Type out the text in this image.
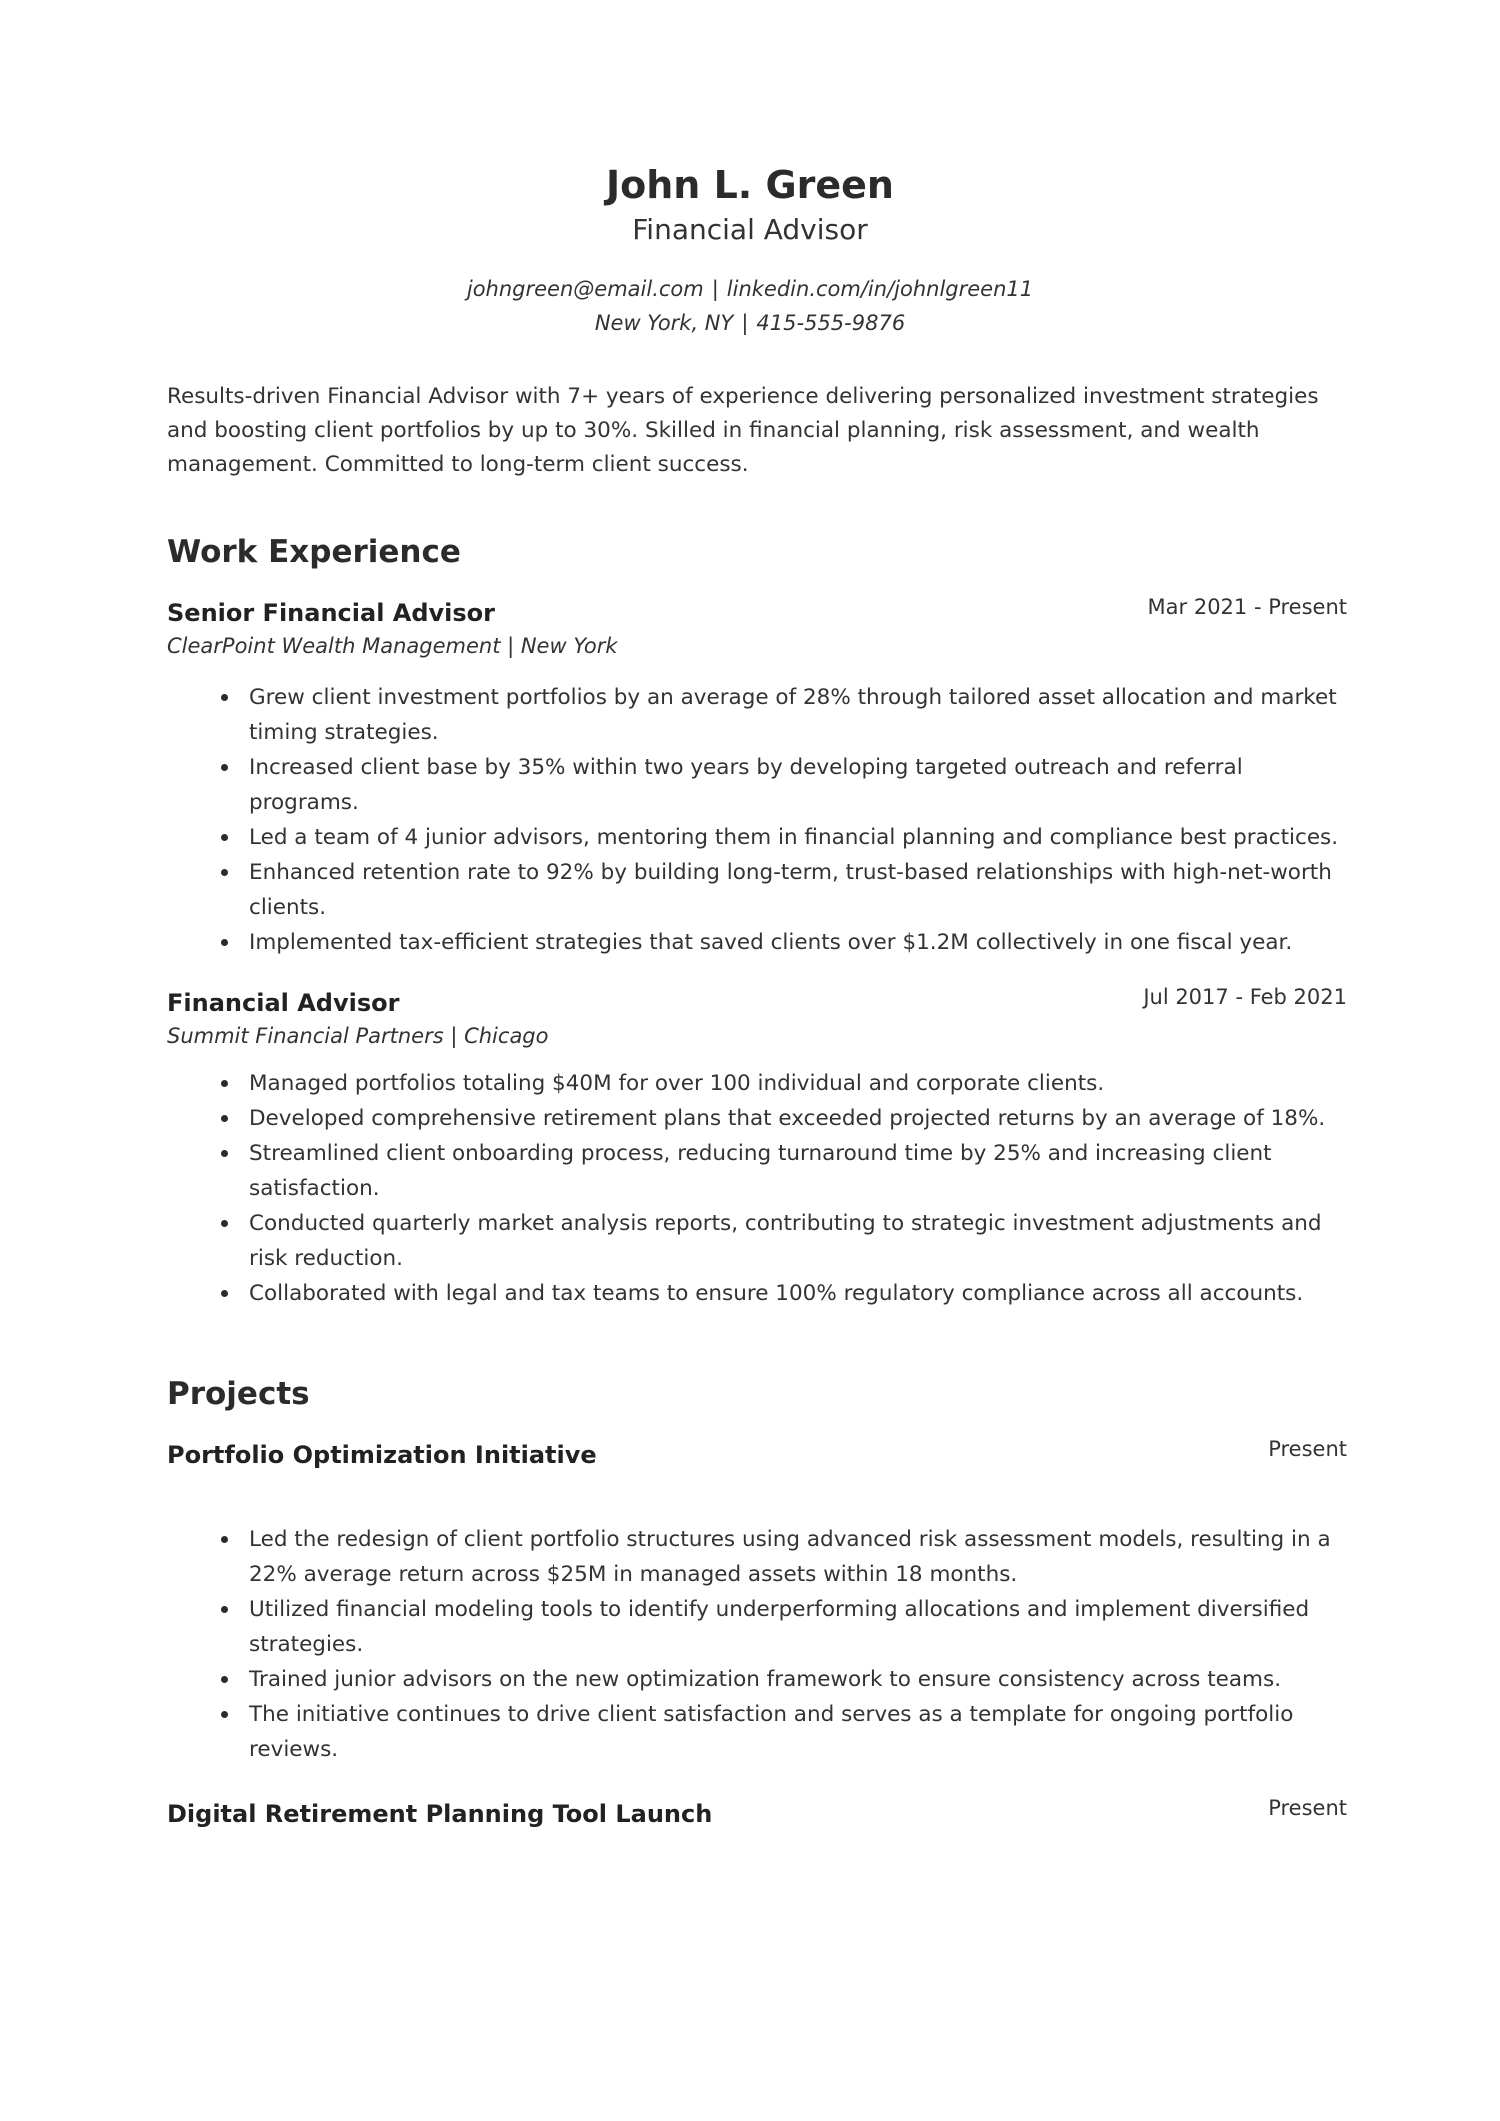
John L. Green
Financial Advisor
johngreen@email.com | linkedin.com/in/johnlgreen11
New York, NY | 415-555-9876
Results-driven Financial Advisor with 7+ years of experience delivering personalized investment strategies and boosting client portfolios by up to 30%. Skilled in financial planning, risk assessment, and wealth management. Committed to long-term client success.
Work Experience
Senior Financial Advisor	Mar 2021 - Present
ClearPoint Wealth Management | New York
Grew client investment portfolios by an average of 28% through tailored asset allocation and market timing strategies.
Increased client base by 35% within two years by developing targeted outreach and referral programs.
Led a team of 4 junior advisors, mentoring them in financial planning and compliance best practices.
Enhanced retention rate to 92% by building long-term, trust-based relationships with high-net-worth clients.
Implemented tax-efficient strategies that saved clients over $1.2M collectively in one fiscal year.
Financial Advisor	Jul 2017 - Feb 2021
Summit Financial Partners | Chicago
Managed portfolios totaling $40M for over 100 individual and corporate clients.
Developed comprehensive retirement plans that exceeded projected returns by an average of 18%.
Streamlined client onboarding process, reducing turnaround time by 25% and increasing client satisfaction.
Conducted quarterly market analysis reports, contributing to strategic investment adjustments and risk reduction.
Collaborated with legal and tax teams to ensure 100% regulatory compliance across all accounts.
Projects
Portfolio Optimization Initiative	Present
Led the redesign of client portfolio structures using advanced risk assessment models, resulting in a 22% average return across $25M in managed assets within 18 months.
Utilized financial modeling tools to identify underperforming allocations and implement diversified strategies.
Trained junior advisors on the new optimization framework to ensure consistency across teams.
The initiative continues to drive client satisfaction and serves as a template for ongoing portfolio reviews.
Digital Retirement Planning Tool Launch	Present
